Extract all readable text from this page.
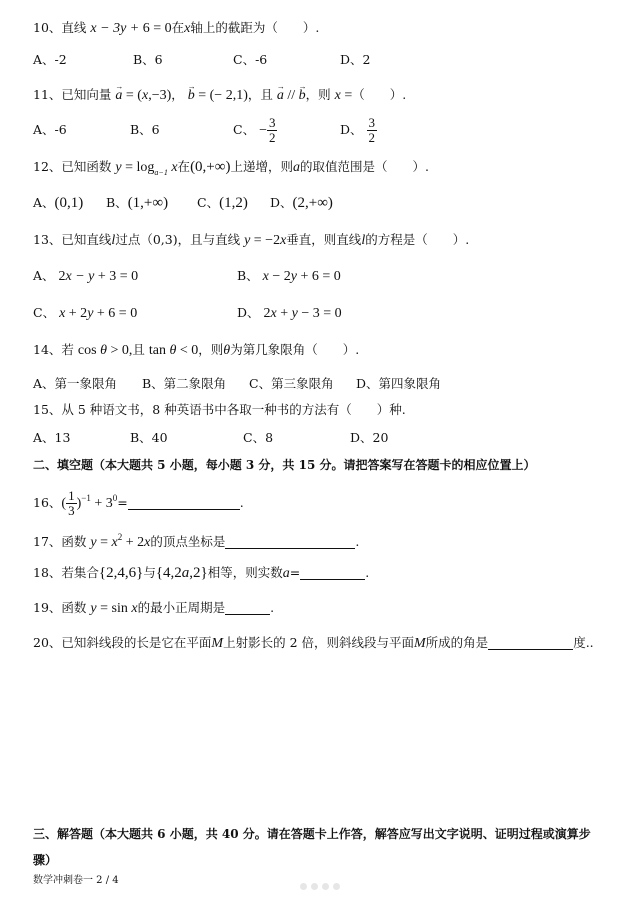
10、直线 x − 3y + 6 = 0在x轴上的截距为（　　）.
A、-2	B、6	C、-6	D、2
11、已知向量 → a = (x,−3)， → b = (− 2,1)，且 → a // → b，则 x =（　　）.
A、-6	B、6	C、 − $\frac{3}{2}$	D、 $\frac{3}{2}$
12、已知函数 $y = \log_{a-1} x$在(0,+∞)上递增，则a的取值范围是（　　）.
A、(0,1) B、(1,+∞) C、(1,2) D、(2,+∞)
13、已知直线l过点（0,3)，且与直线 y = −2x垂直，则直线l的方程是（　　）.
A、 2x − y + 3 = 0	B、 x − 2y + 6 = 0
C、 x + 2y + 6 = 0	D、 2x + y − 3 = 0
14、若 cos θ > 0,且 tan θ < 0，则θ为第几象限角（　　）.
A、第一象限角 B、第二象限角 C、第三象限角 D、第四象限角
15、从 5 种语文书，8 种英语书中各取一种书的方法有（　　）种.
A、13	B、40	C、8	D、20
二、填空题（本大题共 5 小题，每小题 3 分，共 15 分。请把答案写在答题卡的相应位置上）
16、( $\frac{1}{3} )^{-1} + 3^0=$	.
17、函数 $y = x^2 + 2x$的顶点坐标是	.
18、若集合{2,4,6}与{4,2a,2}相等，则实数a=	.
19、函数 y = sin x的最小正周期是	.
20、已知斜线段的长是它在平面M上射影长的 2 倍，则斜线段与平面M所成的角是	度..
三、解答题（本大题共 6 小题，共 40 分。请在答题卡上作答，解答应写出文字说明、证明过程或演算步
骤）
数学冲刺卷一 2 / 4
